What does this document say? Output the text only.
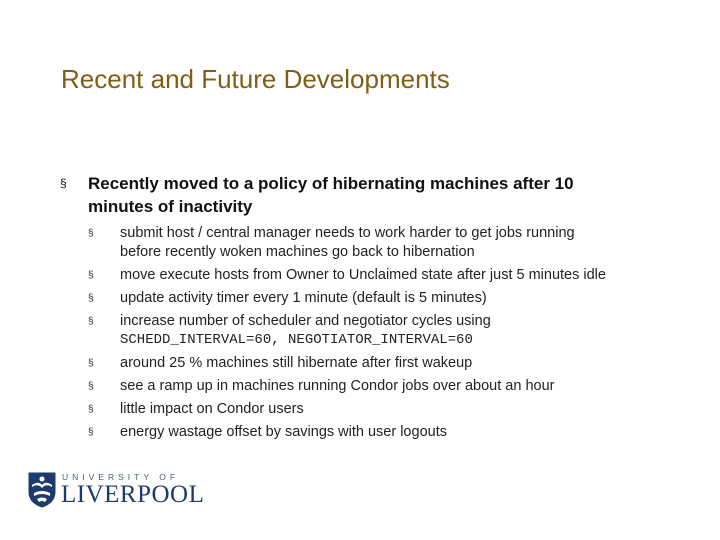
Recent and Future Developments
§ Recently moved to a policy of hibernating machines after 10
minutes of inactivity
§ submit host / central manager needs to work harder to get jobs running
before recently woken machines go back to hibernation
§ move execute hosts from Owner to Unclaimed state after just 5 minutes idle
§ update activity timer every 1 minute (default is 5 minutes)
§ increase number of scheduler and negotiator cycles using
SCHEDD_INTERVAL=60, NEGOTIATOR_INTERVAL=60
§ around 25 % machines still hibernate after first wakeup
§ see a ramp up in machines running Condor jobs over about an hour
§ little impact on Condor users
§ energy wastage offset by savings with user logouts
UNIVERSITY OF
LIVERPOOL
